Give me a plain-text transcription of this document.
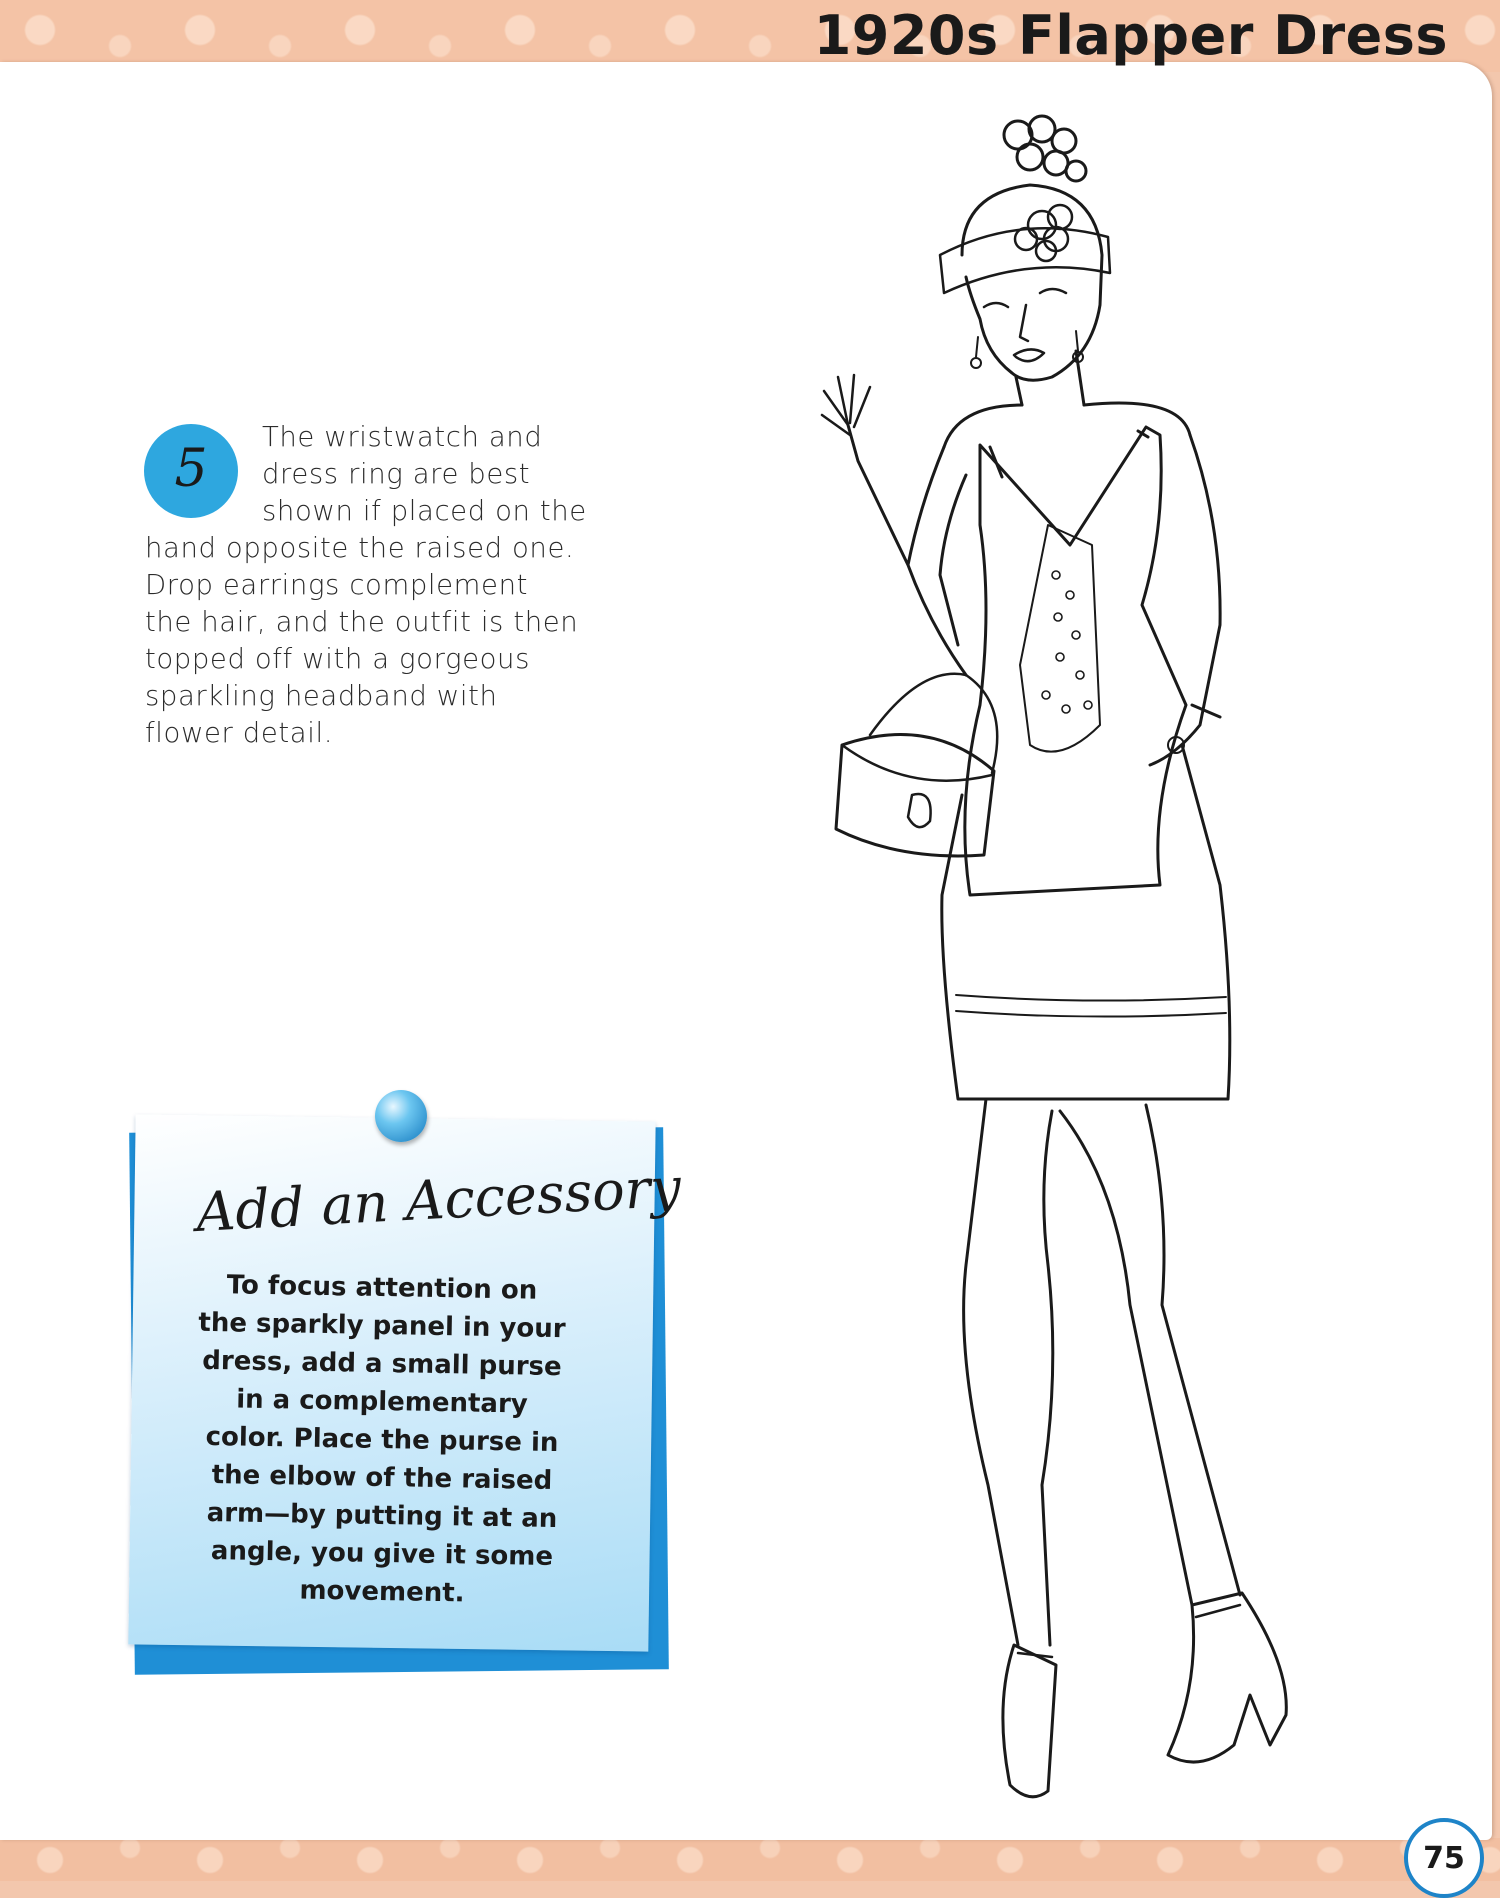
1920s Flapper Dress
5
The wristwatch and
dress ring are best
shown if placed on the
hand opposite the raised one.
Drop earrings complement
the hair, and the outfit is then
topped off with a gorgeous
sparkling headband with
flower detail.
Add an Accessory
To focus attention on
the sparkly panel in your
dress, add a small purse
in a complementary
color. Place the purse in
the elbow of the raised
arm—by putting it at an
angle, you give it some
movement.
75
